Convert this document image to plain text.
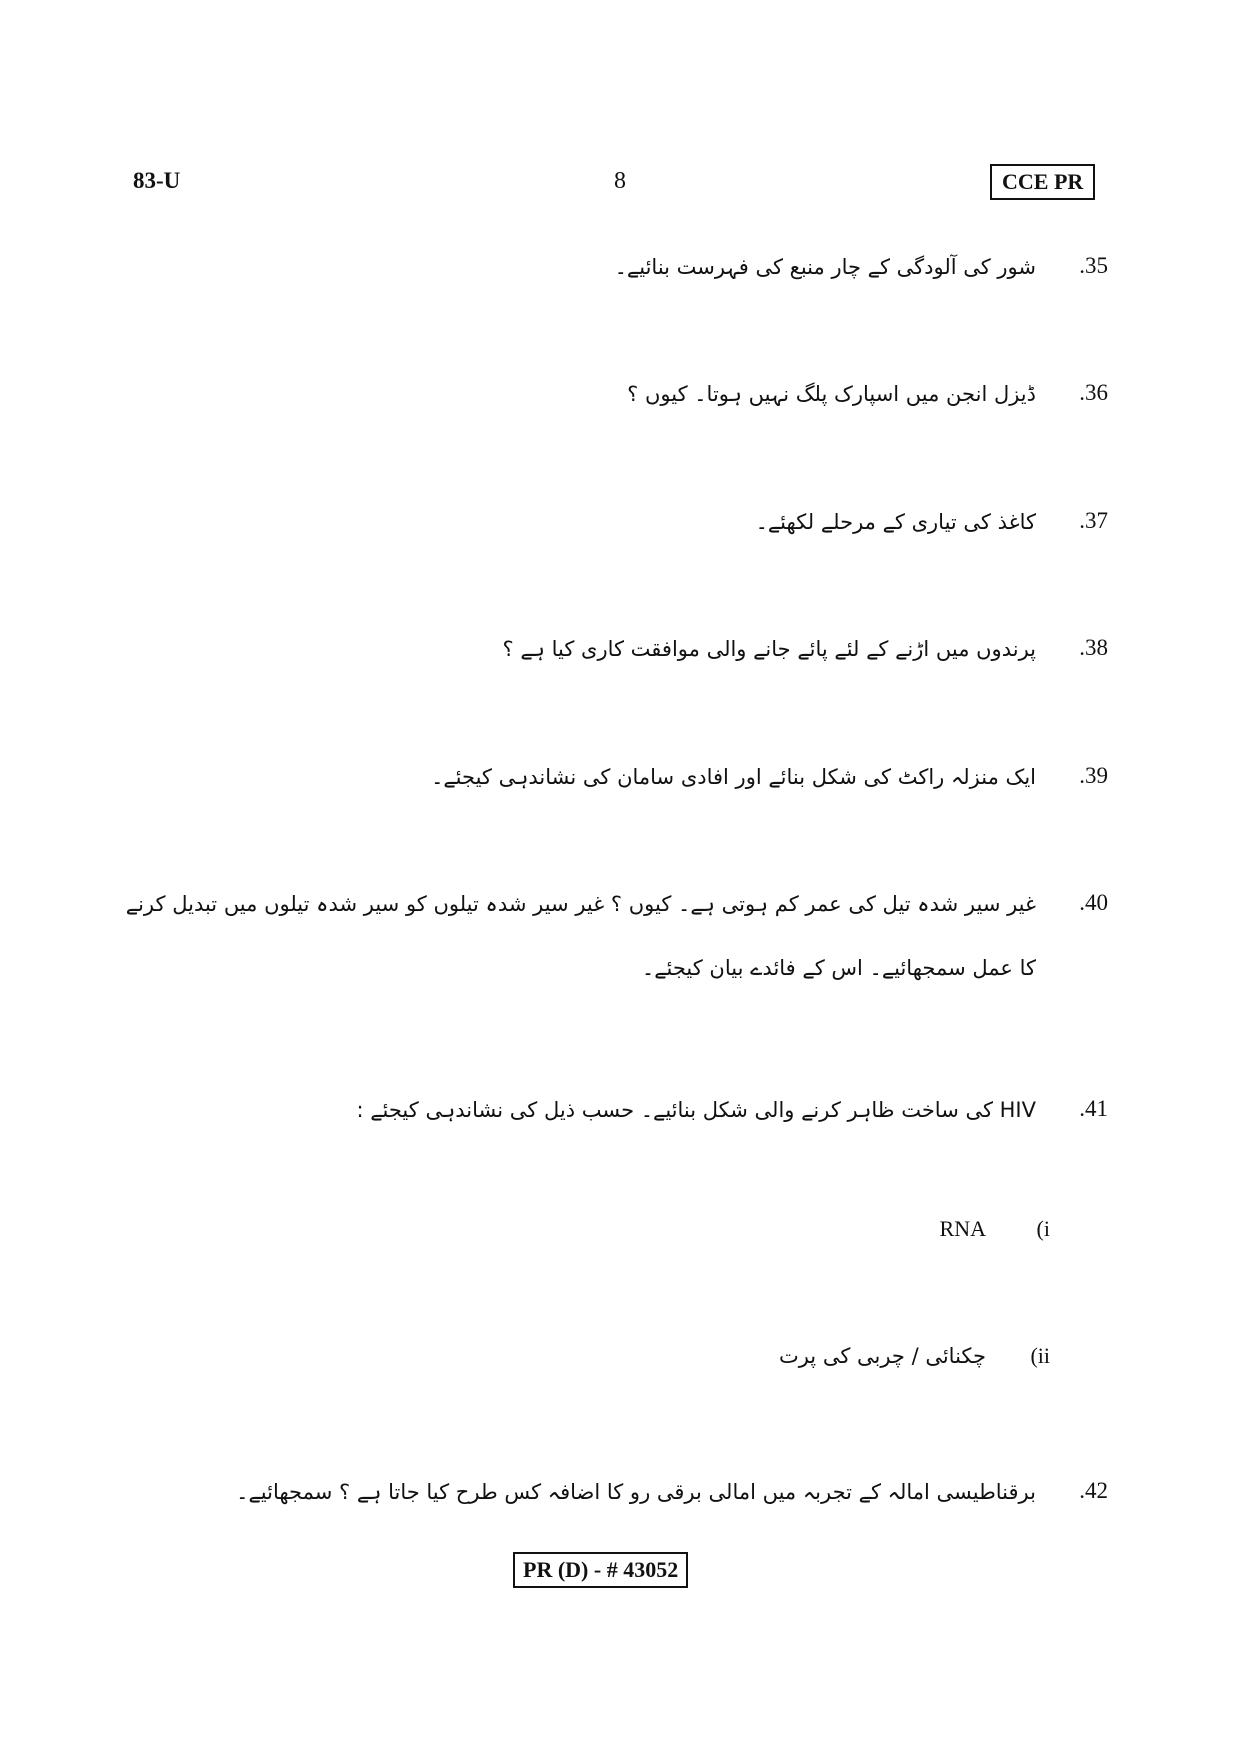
83-U	8	CCE PR
.35
شور کی آلودگی کے چار منبع کی فہرست بنائیے۔
.36
ڈیزل انجن میں اسپارک پلگ نہیں ہوتا۔ کیوں ؟
.37
کاغذ کی تیاری کے مرحلے لکھئے۔
.38
پرندوں میں اڑنے کے لئے پائے جانے والی موافقت کاری کیا ہے ؟
.39
ایک منزلہ راکٹ کی شکل بنائے اور افادی سامان کی نشاندہی کیجئے۔
.40
غیر سیر شدہ تیل کی عمر کم ہوتی ہے۔ کیوں ؟ غیر سیر شدہ تیلوں کو سیر شدہ تیلوں میں تبدیل کرنے کا عمل سمجھائیے۔ اس کے فائدے بیان کیجئے۔
.41
HIV کی ساخت ظاہر کرنے والی شکل بنائیے۔ حسب ذیل کی نشاندہی کیجئے :
(i
RNA
(ii
چکنائی / چربی کی پرت
.42
برقناطیسی امالہ کے تجربہ میں امالی برقی رو کا اضافہ کس طرح کیا جاتا ہے ؟ سمجھائیے۔
PR (D) - # 43052
